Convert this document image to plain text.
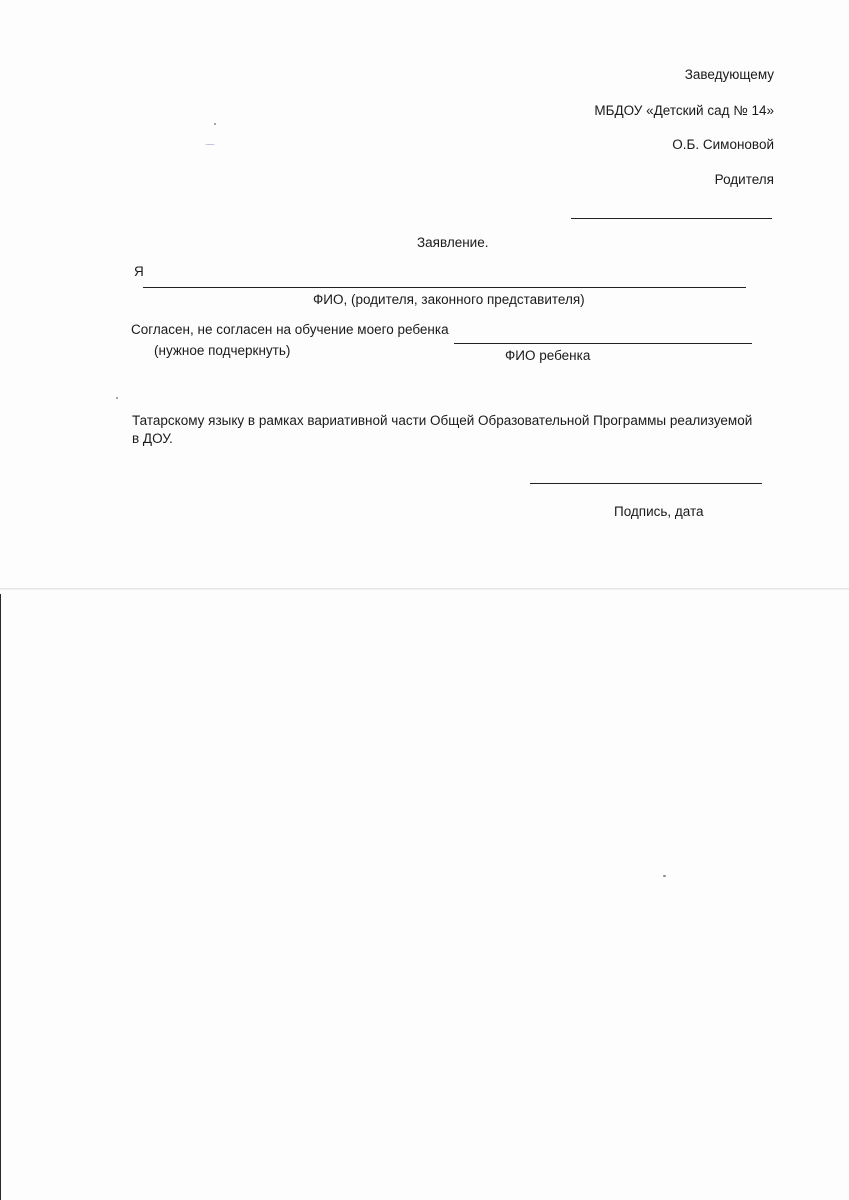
Заведующему
МБДОУ «Детский сад № 14»
О.Б. Симоновой
Родителя
Заявление.
Я
ФИО, (родителя, законного представителя)
Согласен, не согласен на обучение моего ребенка
(нужное подчеркнуть)	ФИО ребенка
Татарскому языку в рамках вариативной части Общей Образовательной Программы реализуемой
в ДОУ.
Подпись, дата
